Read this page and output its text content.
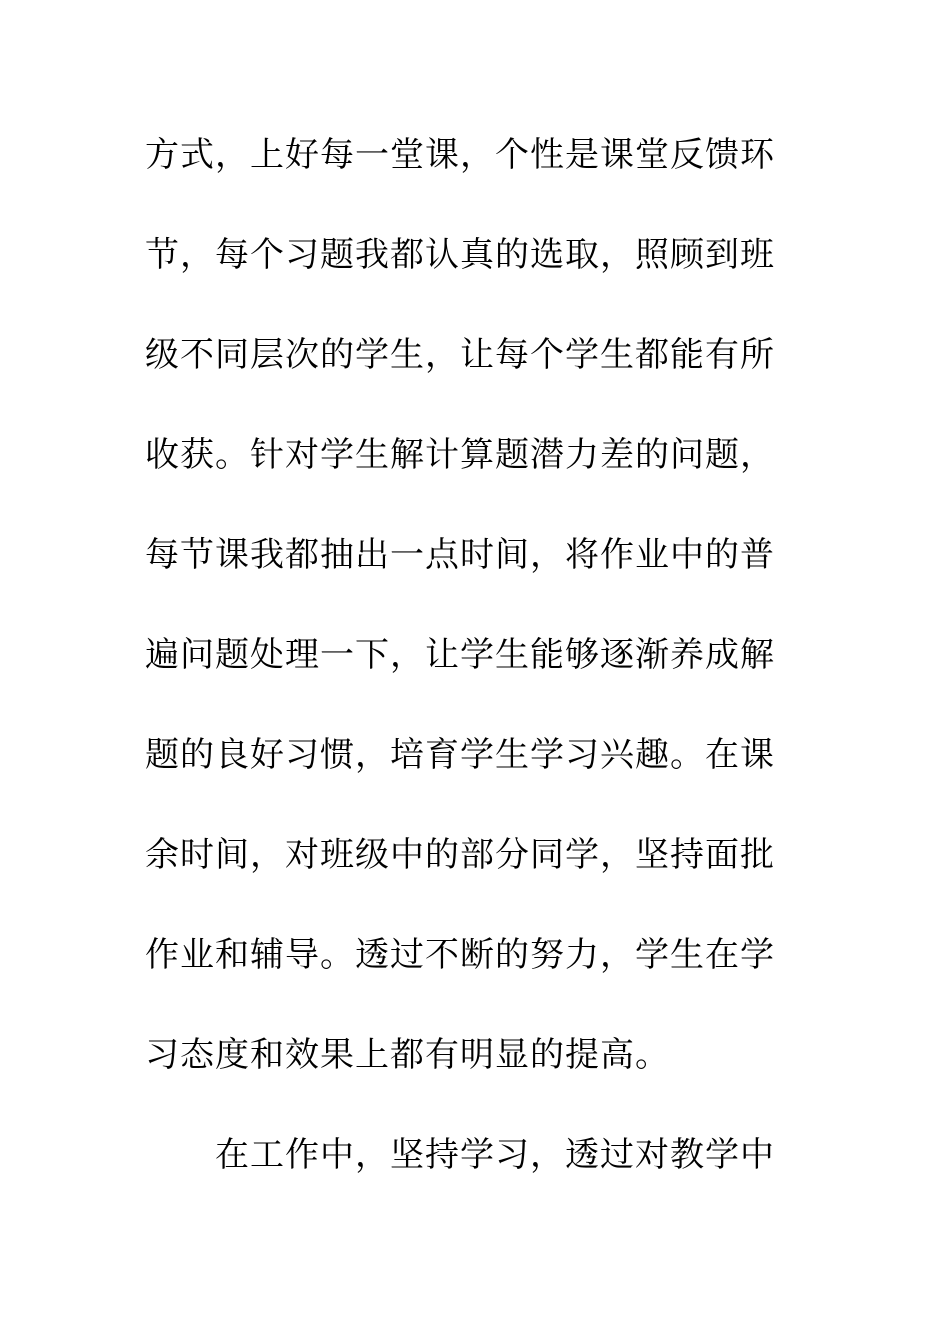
方式，上好每一堂课，个性是课堂反馈环
节，每个习题我都认真的选取，照顾到班
级不同层次的学生，让每个学生都能有所
收获。针对学生解计算题潜力差的问题，
每节课我都抽出一点时间，将作业中的普
遍问题处理一下，让学生能够逐渐养成解
题的良好习惯，培育学生学习兴趣。在课
余时间，对班级中的部分同学，坚持面批
作业和辅导。透过不断的努力，学生在学
习态度和效果上都有明显的提高。
在工作中，坚持学习，透过对教学中
